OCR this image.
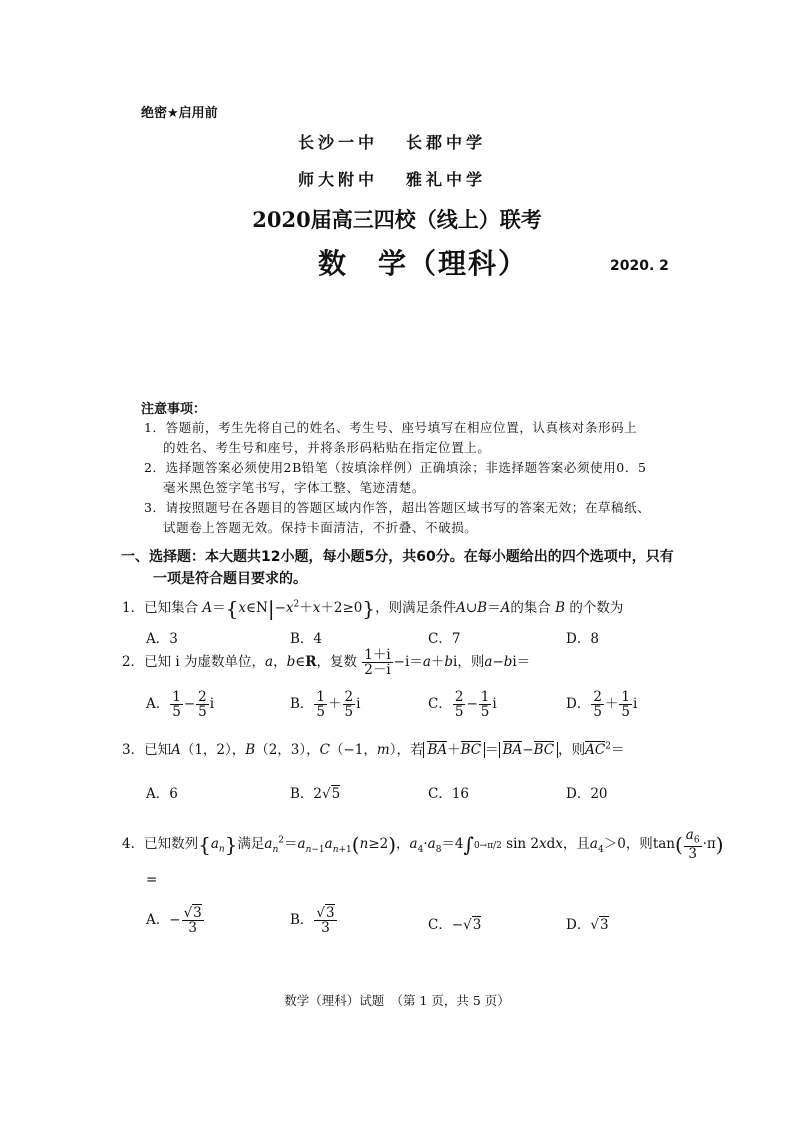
绝密★启用前
长沙一中 长郡中学
师大附中 雅礼中学
2020届高三四校（线上）联考
数 学（理科）	2020. 2
注意事项：
1．答题前，考生先将自己的姓名、考生号、座号填写在相应位置，认真核对条形码上
的姓名、考生号和座号，并将条形码粘贴在指定位置上。
2．选择题答案必须使用2B铅笔（按填涂样例）正确填涂；非选择题答案必须使用0．5
毫米黑色签字笔书写，字体工整、笔迹清楚。
3．请按照题号在各题目的答题区域内作答，超出答题区域书写的答案无效；在草稿纸、
试题卷上答题无效。保持卡面清洁，不折叠、不破损。
一、选择题：本大题共12小题，每小题5分，共60分。在每小题给出的四个选项中，只有
一项是符合题目要求的。
1．已知集合 $A=\{x\in N|-x^2+x+2\ge 0\}$，则满足条件A∪B＝A的集合 B 的个数为
A．3	B．4	C．7	D．8
2．已知 i 为虚数单位，a，b∈R，复数 $\frac{1+i}{2-i} -i=a+bi$，则a−bi＝
A． $\frac{1}{5} - \frac{2}{5}$ i	B． $\frac{1}{5} + \frac{2}{5}$ i	C． $\frac{2}{5} - \frac{1}{5}$ i	D． $\frac{2}{5} + \frac{1}{5}$ i
3．已知A（1，2），B（2，3），C（−1，m），若 BA＋BC ＝ BA−BC ，则$AC^2=$
A．6	B．2√5	C．16	D．20
4．已知数列$\{a_n\}$满足$a_n^2=a_{n-1}a_{n+1}(n\ge 2)$，$a_4\cdot a_8=4\int 0\to\pi/2$ sin 2xdx，且$a_4>0$，则$\tan( \frac{a_6}{3} \cdot\pi)$
=
A．− $\frac{√3}{3}$	B． $\frac{√3}{3}$	C．−√3	D．√3
数学（理科）试题　（第 1 页，共 5 页）
